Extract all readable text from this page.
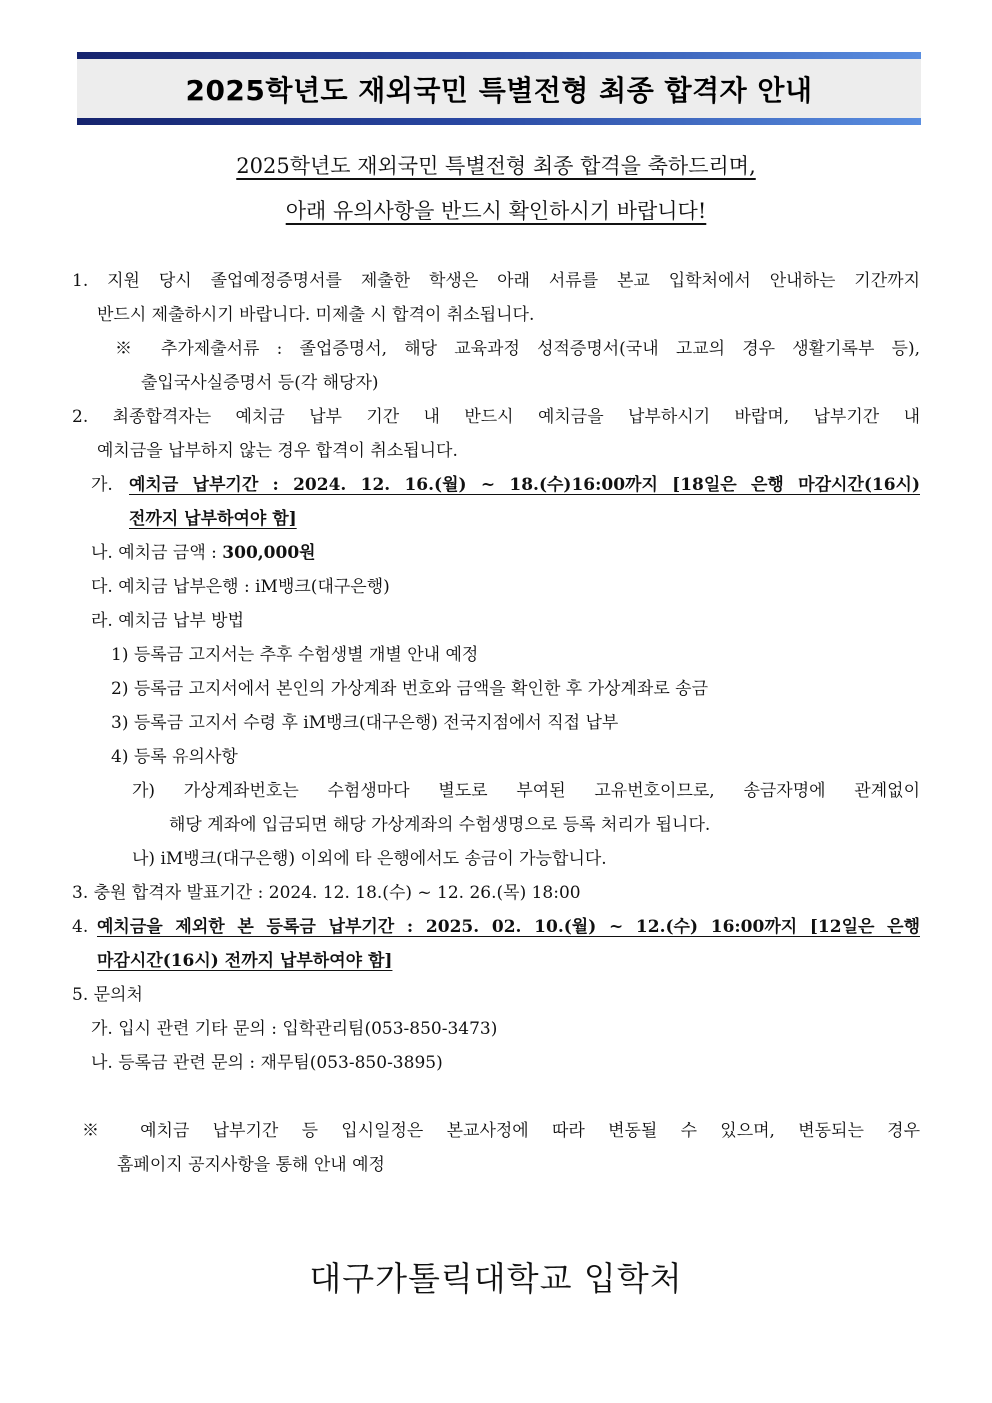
2025학년도 재외국민 특별전형 최종 합격자 안내
2025학년도 재외국민 특별전형 최종 합격을 축하드리며,
아래 유의사항을 반드시 확인하시기 바랍니다!
1. 지원 당시 졸업예정증명서를 제출한 학생은 아래 서류를 본교 입학처에서 안내하는 기간까지
반드시 제출하시기 바랍니다. 미제출 시 합격이 취소됩니다.
※ 추가제출서류 : 졸업증명서, 해당 교육과정 성적증명서(국내 고교의 경우 생활기록부 등),
출입국사실증명서 등(각 해당자)
2. 최종합격자는 예치금 납부 기간 내 반드시 예치금을 납부하시기 바랍며, 납부기간 내
예치금을 납부하지 않는 경우 합격이 취소됩니다.
가. 예치금 납부기간 : 2024. 12. 16.(월) ~ 18.(수)16:00까지 [18일은 은행 마감시간(16시)
전까지 납부하여야 함]
나. 예치금 금액 : 300,000원
다. 예치금 납부은행 : iM뱅크(대구은행)
라. 예치금 납부 방법
1) 등록금 고지서는 추후 수험생별 개별 안내 예정
2) 등록금 고지서에서 본인의 가상계좌 번호와 금액을 확인한 후 가상계좌로 송금
3) 등록금 고지서 수령 후 iM뱅크(대구은행) 전국지점에서 직접 납부
4) 등록 유의사항
가) 가상계좌번호는 수험생마다 별도로 부여된 고유번호이므로, 송금자명에 관계없이
해당 계좌에 입금되면 해당 가상계좌의 수험생명으로 등록 처리가 됩니다.
나) iM뱅크(대구은행) 이외에 타 은행에서도 송금이 가능합니다.
3. 충원 합격자 발표기간 : 2024. 12. 18.(수) ~ 12. 26.(목) 18:00
4. 예치금을 제외한 본 등록금 납부기간 : 2025. 02. 10.(월) ~ 12.(수) 16:00까지 [12일은 은행
마감시간(16시) 전까지 납부하여야 함]
5. 문의처
가. 입시 관련 기타 문의 : 입학관리팀(053-850-3473)
나. 등록금 관련 문의 : 재무팀(053-850-3895)
※ 예치금 납부기간 등 입시일정은 본교사정에 따라 변동될 수 있으며, 변동되는 경우
홈페이지 공지사항을 통해 안내 예정
대구가톨릭대학교 입학처
